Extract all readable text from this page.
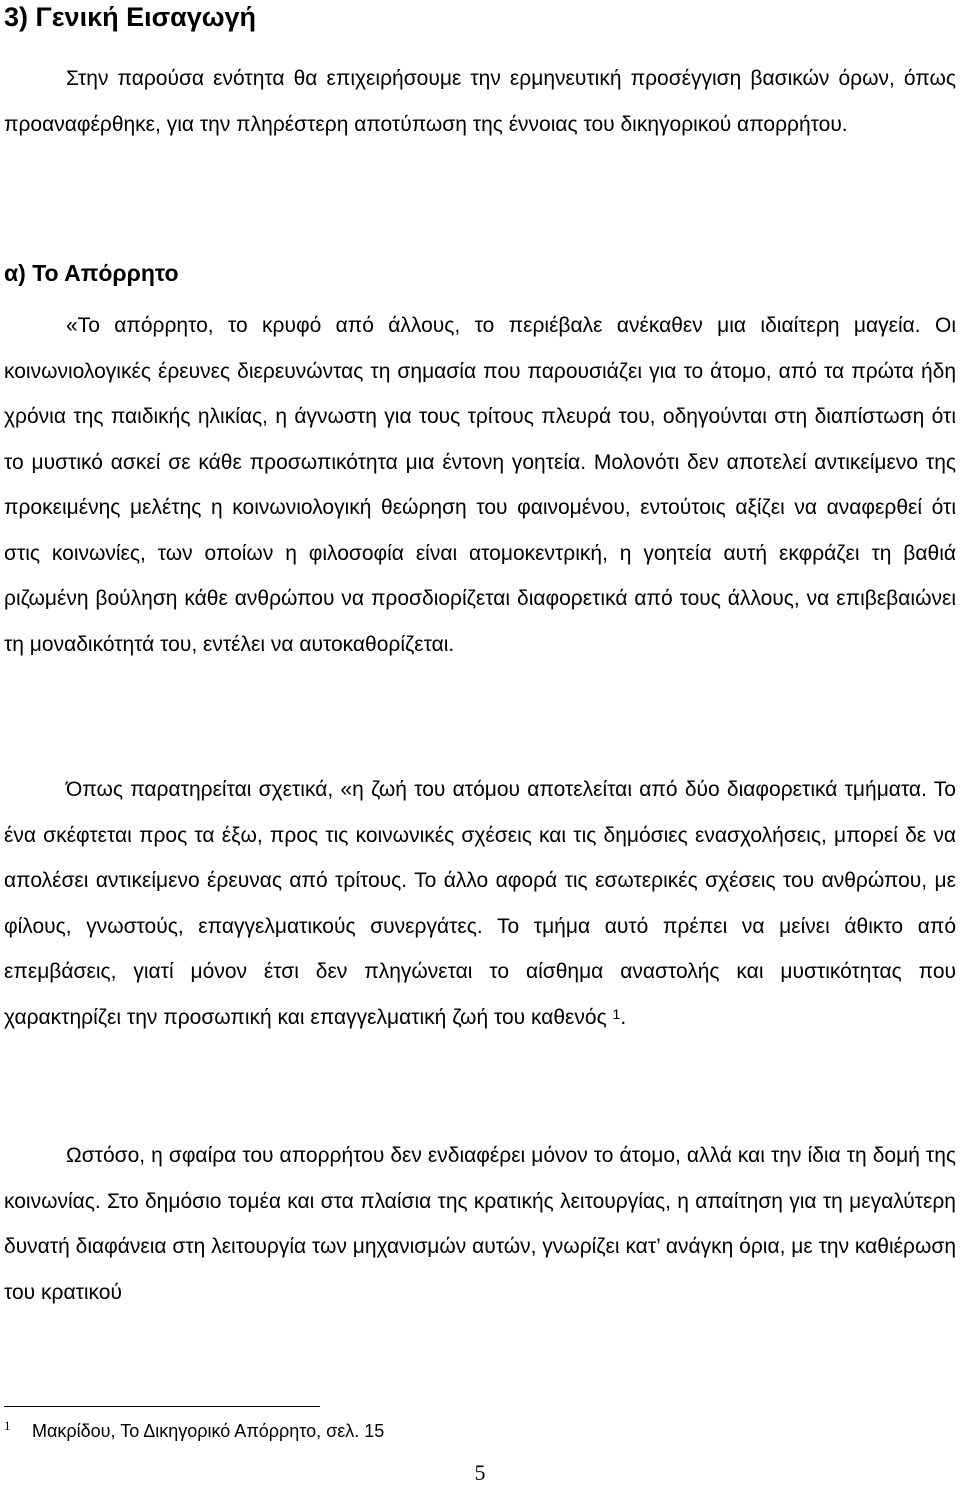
3) Γενική Εισαγωγή

Στην παρούσα ενότητα θα επιχειρήσουμε την ερμηνευτική προσέγγιση βασικών όρων, όπως προαναφέρθηκε, για την πληρέστερη αποτύπωση της έννοιας του δικηγορικού απορρήτου.

α) Το Απόρρητο

«Το απόρρητο, το κρυφό από άλλους, το περιέβαλε ανέκαθεν μια ιδιαίτερη μαγεία. Οι κοινωνιολογικές έρευνες διερευνώντας τη σημασία που παρουσιάζει για το άτομο, από τα πρώτα ήδη χρόνια της παιδικής ηλικίας, η άγνωστη για τους τρίτους πλευρά του, οδηγούνται στη διαπίστωση ότι το μυστικό ασκεί σε κάθε προσωπικότητα μια έντονη γοητεία. Μολονότι δεν αποτελεί αντικείμενο της προκειμένης μελέτης η κοινωνιολογική θεώρηση του φαινομένου, εντούτοις αξίζει να αναφερθεί ότι στις κοινωνίες, των οποίων η φιλοσοφία είναι ατομοκεντρική, η γοητεία αυτή εκφράζει τη βαθιά ριζωμένη βούληση κάθε ανθρώπου να προσδιορίζεται διαφορετικά από τους άλλους, να επιβεβαιώνει τη μοναδικότητά του, εντέλει να αυτοκαθορίζεται.

Όπως παρατηρείται σχετικά, «η ζωή του ατόμου αποτελείται από δύο διαφορετικά τμήματα. Το ένα σκέφτεται προς τα έξω, προς τις κοινωνικές σχέσεις και τις δημόσιες ενασχολήσεις, μπορεί δε να απολέσει αντικείμενο έρευνας από τρίτους. Το άλλο αφορά τις εσωτερικές σχέσεις του ανθρώπου, με φίλους, γνωστούς, επαγγελματικούς συνεργάτες. Το τμήμα αυτό πρέπει να μείνει άθικτο από επεμβάσεις, γιατί μόνον έτσι δεν πληγώνεται το αίσθημα αναστολής και μυστικότητας που χαρακτηρίζει την προσωπική και επαγγελματική ζωή του καθενός $^1$.

Ωστόσο, η σφαίρα του απορρήτου δεν ενδιαφέρει μόνον το άτομο, αλλά και την ίδια τη δομή της κοινωνίας. Στο δημόσιο τομέα και στα πλαίσια της κρατικής λειτουργίας, η απαίτηση για τη μεγαλύτερη δυνατή διαφάνεια στη λειτουργία των μηχανισμών αυτών, γνωρίζει κατ’ ανάγκη όρια, με την καθιέρωση του κρατικού

1 Μακρίδου, Το Δικηγορικό Απόρρητο, σελ. 15
5
